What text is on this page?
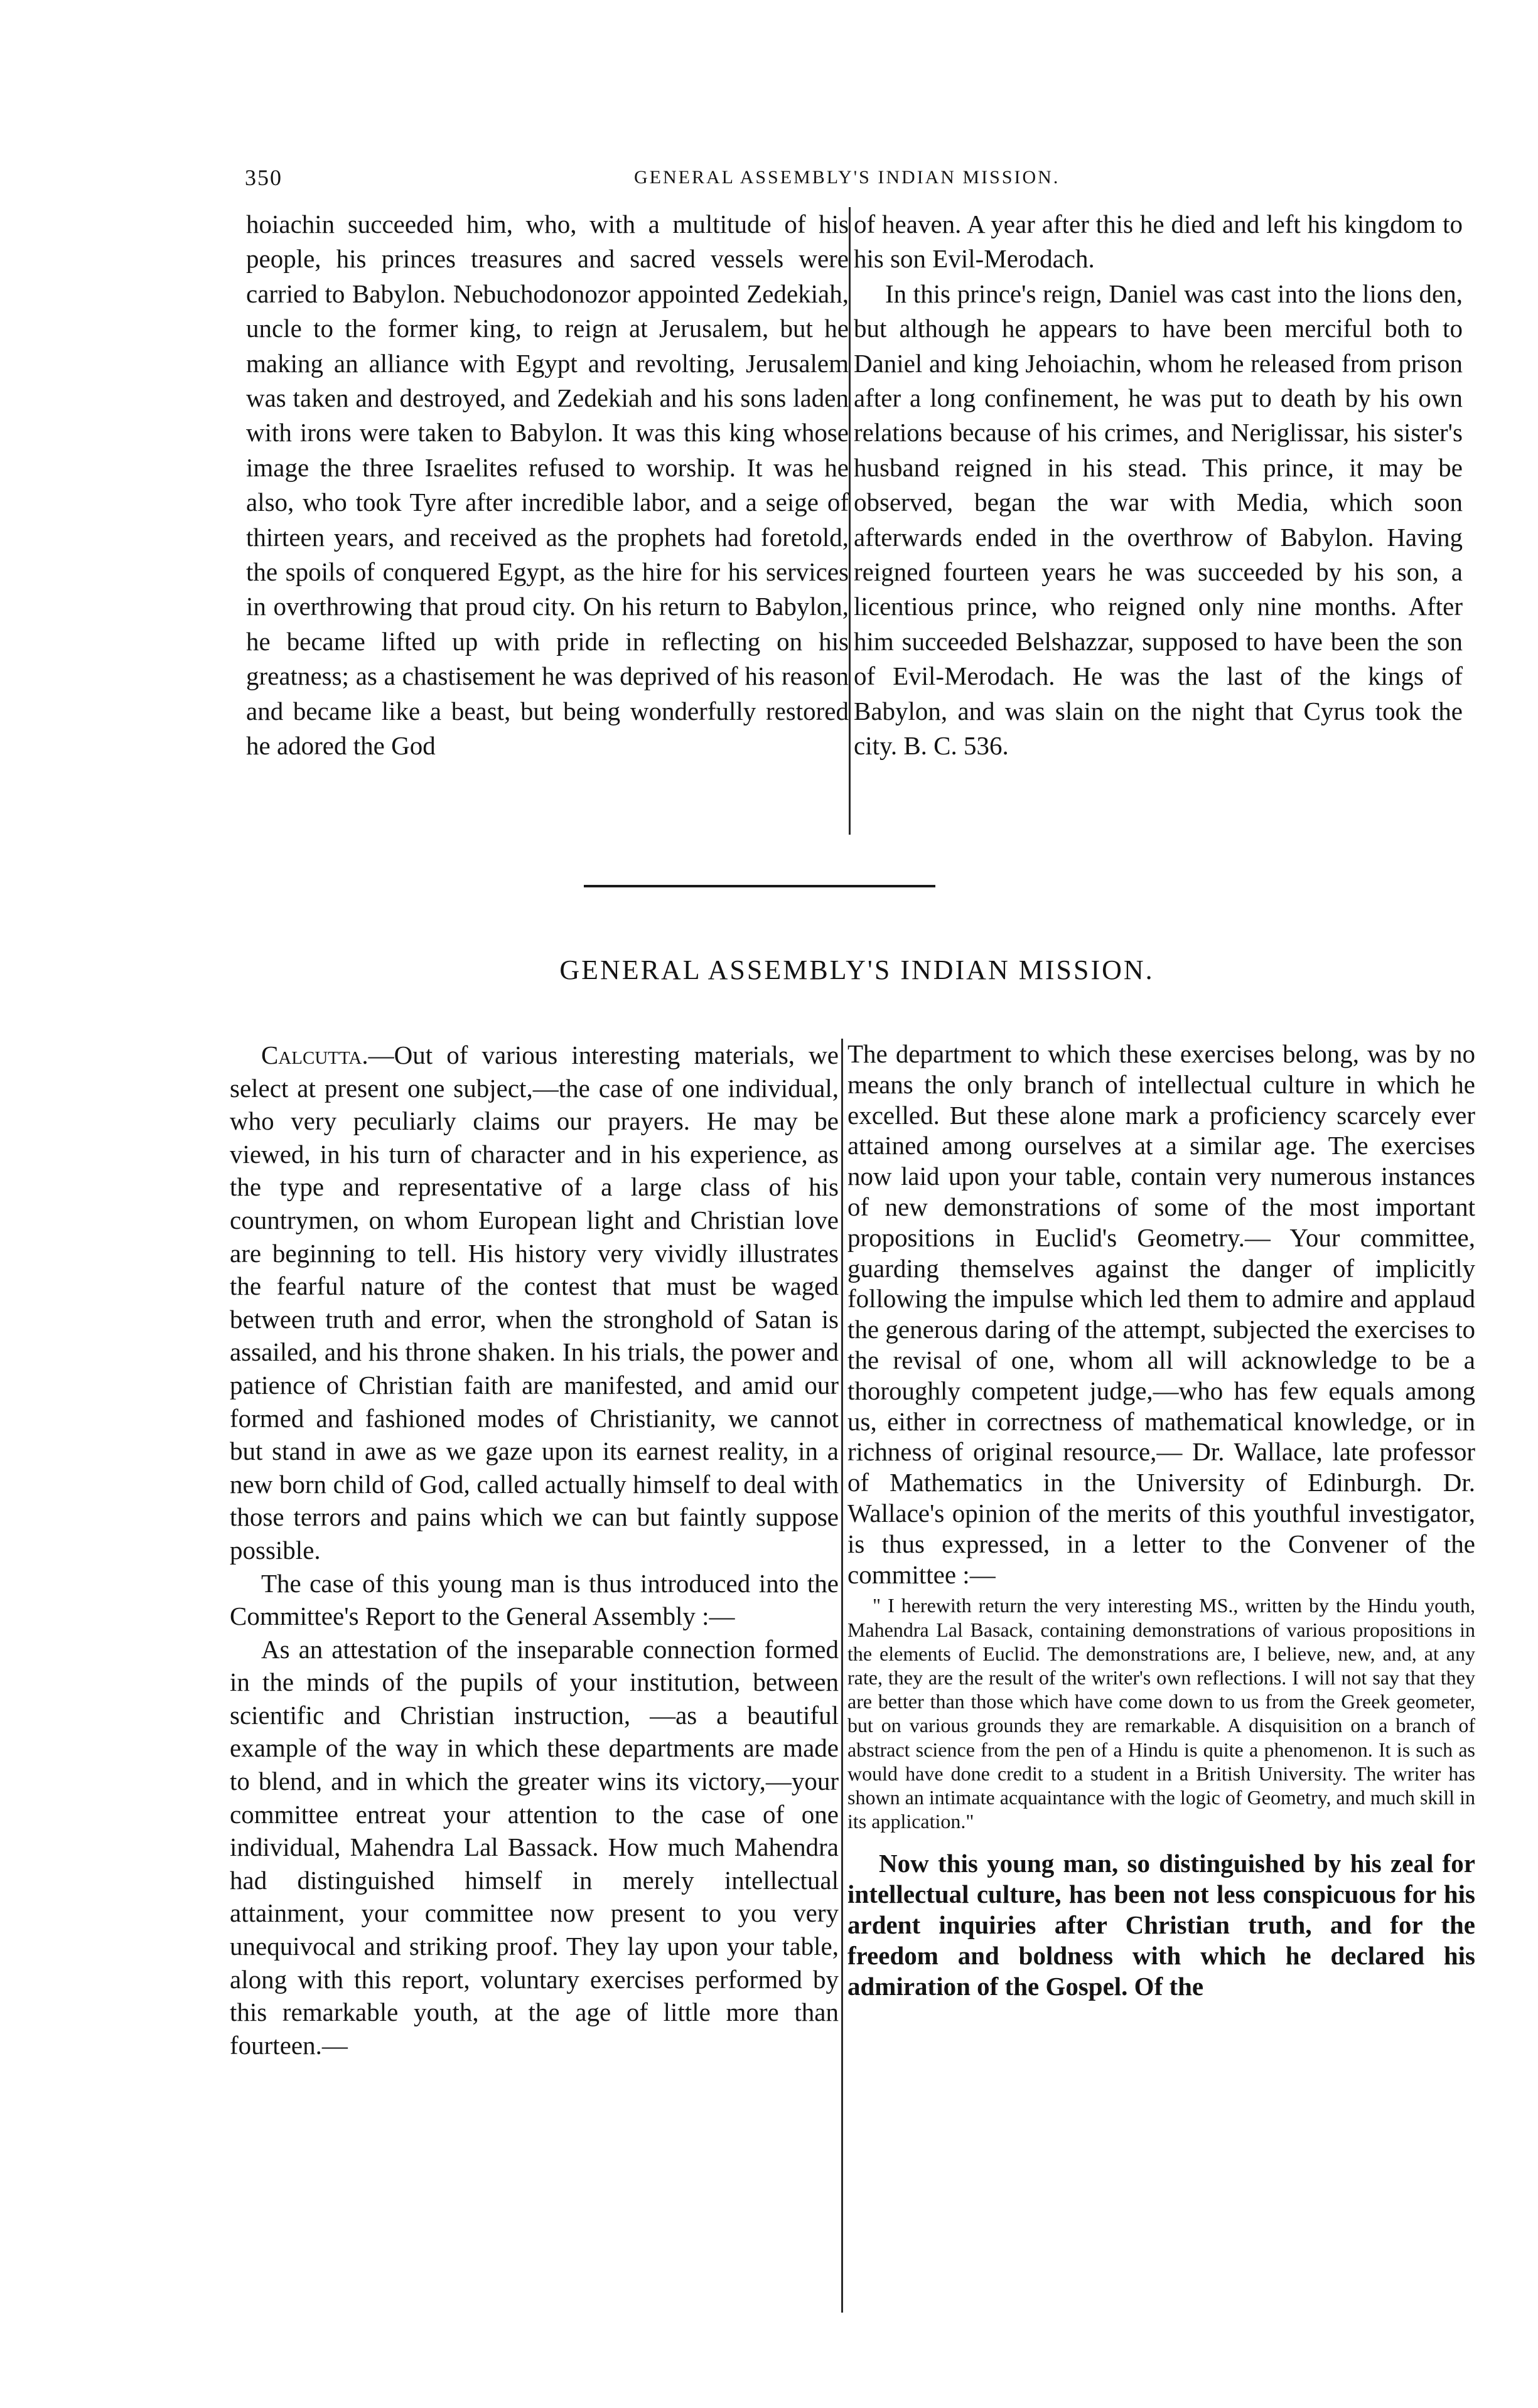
350	GENERAL ASSEMBLY'S INDIAN MISSION.

hoiachin succeeded him, who, with a multitude of his people, his princes treasures and sacred vessels were carried to Babylon. Nebuchodonozor appointed Zedekiah, uncle to the former king, to reign at Jerusalem, but he making an alliance with Egypt and revolting, Jerusalem was taken and destroyed, and Zedekiah and his sons laden with irons were taken to Babylon. It was this king whose image the three Israelites refused to worship. It was he also, who took Tyre after incredible labor, and a seige of thirteen years, and received as the prophets had foretold, the spoils of conquered Egypt, as the hire for his services in overthrowing that proud city. On his return to Babylon, he became lifted up with pride in reflecting on his greatness; as a chastisement he was deprived of his reason and became like a beast, but being wonderfully restored he adored the God

of heaven. A year after this he died and left his kingdom to his son Evil-Merodach.

In this prince's reign, Daniel was cast into the lions den, but although he appears to have been merciful both to Daniel and king Jehoiachin, whom he released from prison after a long confinement, he was put to death by his own relations because of his crimes, and Neriglissar, his sister's husband reigned in his stead. This prince, it may be observed, began the war with Media, which soon afterwards ended in the overthrow of Babylon. Having reigned fourteen years he was succeeded by his son, a licentious prince, who reigned only nine months. After him succeeded Belshazzar, supposed to have been the son of Evil-Merodach. He was the last of the kings of Babylon, and was slain on the night that Cyrus took the city. B. C. 536.

GENERAL ASSEMBLY'S INDIAN MISSION.

Calcutta.—Out of various interesting materials, we select at present one subject,—the case of one individual, who very peculiarly claims our prayers. He may be viewed, in his turn of character and in his experience, as the type and representative of a large class of his countrymen, on whom European light and Christian love are beginning to tell. His history very vividly illustrates the fearful nature of the contest that must be waged between truth and error, when the stronghold of Satan is assailed, and his throne shaken. In his trials, the power and patience of Christian faith are manifested, and amid our formed and fashioned modes of Christianity, we cannot but stand in awe as we gaze upon its earnest reality, in a new born child of God, called actually himself to deal with those terrors and pains which we can but faintly suppose possible.

The case of this young man is thus introduced into the Committee's Report to the General Assembly :—

As an attestation of the inseparable connection formed in the minds of the pupils of your institution, between scientific and Christian instruction, —as a beautiful example of the way in which these departments are made to blend, and in which the greater wins its victory,—your committee entreat your attention to the case of one individual, Mahendra Lal Bassack. How much Mahendra had distinguished himself in merely intellectual attainment, your committee now present to you very unequivocal and striking proof. They lay upon your table, along with this report, voluntary exercises performed by this remarkable youth, at the age of little more than fourteen.—

The department to which these exercises belong, was by no means the only branch of intellectual culture in which he excelled. But these alone mark a proficiency scarcely ever attained among ourselves at a similar age. The exercises now laid upon your table, contain very numerous instances of new demonstrations of some of the most important propositions in Euclid's Geometry.— Your committee, guarding themselves against the danger of implicitly following the impulse which led them to admire and applaud the generous daring of the attempt, subjected the exercises to the revisal of one, whom all will acknowledge to be a thoroughly competent judge,—who has few equals among us, either in correctness of mathematical knowledge, or in richness of original resource,— Dr. Wallace, late professor of Mathematics in the University of Edinburgh. Dr. Wallace's opinion of the merits of this youthful investigator, is thus expressed, in a letter to the Convener of the committee :—

" I herewith return the very interesting MS., written by the Hindu youth, Mahendra Lal Basack, containing demonstrations of various propositions in the elements of Euclid. The demonstrations are, I believe, new, and, at any rate, they are the result of the writer's own reflections. I will not say that they are better than those which have come down to us from the Greek geometer, but on various grounds they are remarkable. A disquisition on a branch of abstract science from the pen of a Hindu is quite a phenomenon. It is such as would have done credit to a student in a British University. The writer has shown an intimate acquaintance with the logic of Geometry, and much skill in its application."

Now this young man, so distinguished by his zeal for intellectual culture, has been not less conspicuous for his ardent inquiries after Christian truth, and for the freedom and boldness with which he declared his admiration of the Gospel. Of the
